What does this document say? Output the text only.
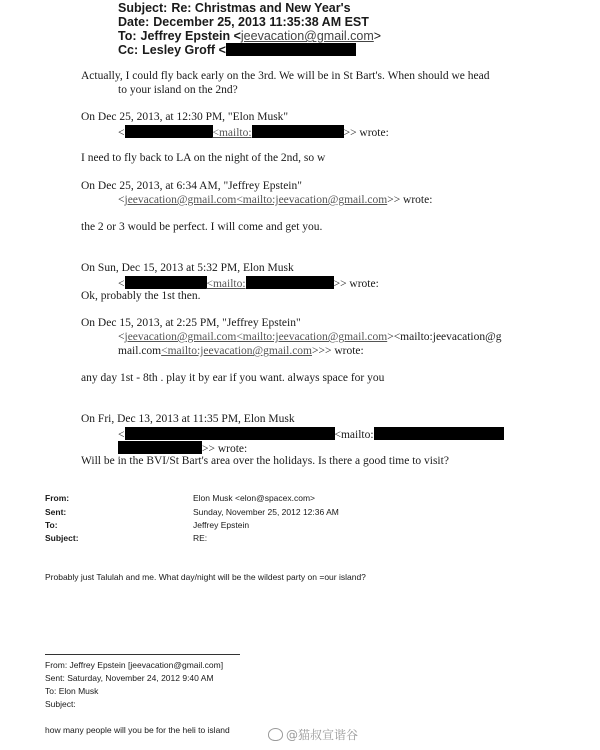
Subject: Re: Christmas and New Year's
Date: December 25, 2013 11:35:38 AM EST
To: Jeffrey Epstein <jeevacation@gmail.com>
Cc: Lesley Groff <
Actually, I could fly back early on the 3rd. We will be in St Bart's. When should we head
to your island on the 2nd?
On Dec 25, 2013, at 12:30 PM, "Elon Musk"
<	<mailto:	>> wrote:
I need to fly back to LA on the night of the 2nd, so w
On Dec 25, 2013, at 6:34 AM, "Jeffrey Epstein"
<jeevacation@gmail.com<mailto:jeevacation@gmail.com>> wrote:
the 2 or 3 would be perfect. I will come and get you.
On Sun, Dec 15, 2013 at 5:32 PM, Elon Musk
<	<mailto:	>> wrote:
Ok, probably the 1st then.
On Dec 15, 2013, at 2:25 PM, "Jeffrey Epstein"
<jeevacation@gmail.com<mailto:jeevacation@gmail.com><mailto:jeevacation@g
mail.com<mailto:jeevacation@gmail.com>>> wrote:
any day 1st - 8th . play it by ear if you want. always space for you
On Fri, Dec 13, 2013 at 11:35 PM, Elon Musk
<	<mailto:
>> wrote:
Will be in the BVI/St Bart's area over the holidays. Is there a good time to visit?
From:	Elon Musk <elon@spacex.com>
Sent:	Sunday, November 25, 2012 12:36 AM
To:	Jeffrey Epstein
Subject:	RE:
Probably just Talulah and me. What day/night will be the wildest party on =our island?
From: Jeffrey Epstein [jeevacation@gmail.com]
Sent: Saturday, November 24, 2012 9:40 AM
To: Elon Musk
Subject:
how many people will you be for the heli to island	@猫叔宣谐谷
